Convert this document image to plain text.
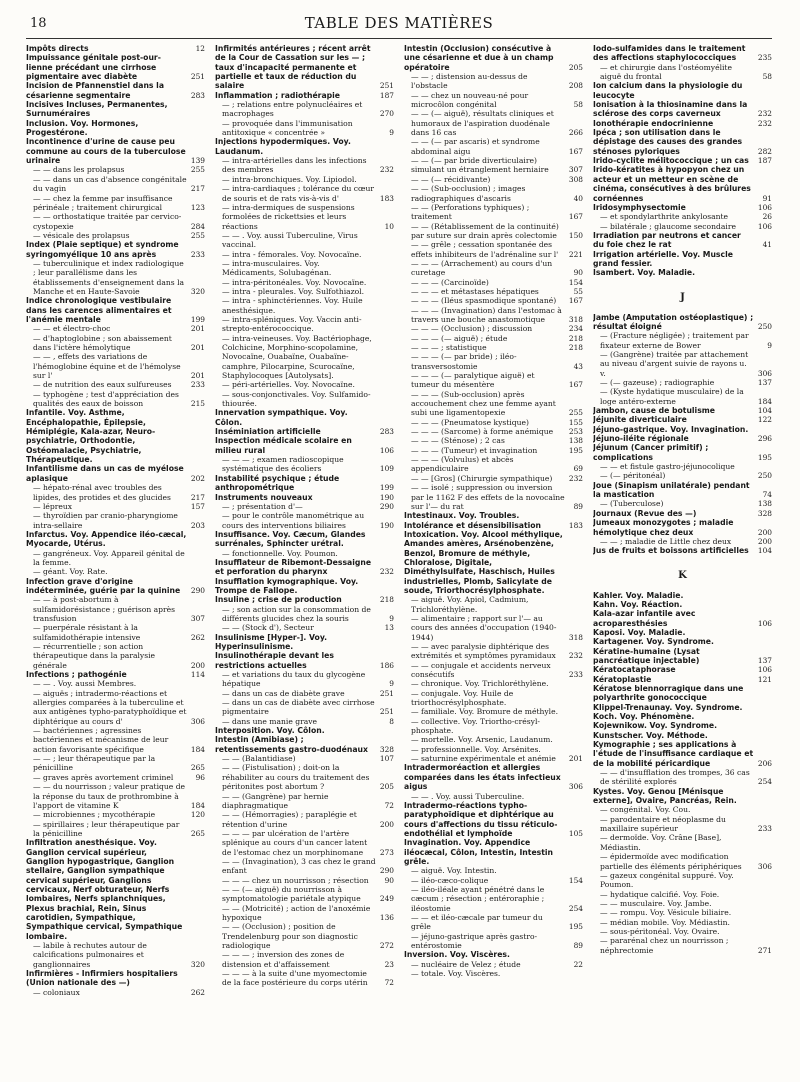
18	TABLE DES MATIÈRES
Impôts directs	12
Impuissance génitale post-our-lienne précédant une cirrhose pigmentaire avec diabète	251
Incision de Pfannenstiel dans la césarienne segmentaire	283
Incisives Incluses, Permanentes, Surnuméraires
Inclusion. Voy. Hormones, Progestérone.
Incontinence d'urine de cause peu commune au cours de la tuberculose urinaire	139
— — dans les prolapsus	255
— — dans un cas d'absence congénitale du vagin	217
— — chez la femme par insuffisance périnéale ; traitement chirurgical	123
— — orthostatique traitée par cervico-cystopexie	284
— vésicale des prolapsus	255
Index (Plaie septique) et syndrome syringomyélique 10 ans après	233
— tuberculinique et index radiologique ; leur parallélisme dans les établissements d'enseignement dans la Manche et en Haute-Savoie	320
Indice chronologique vestibulaire dans les carences alimentaires et l'anémie mentale	199
— — et électro-choc	201
— d'haptoglobine ; son abaissement dans l'ictère hémolytique	201
— — , effets des variations de l'hémoglobine équine et de l'hémolyse sur l'	201
— de nutrition des eaux sulfureuses	233
— typhogène ; test d'appréciation des qualités des eaux de boisson	215
Infantile. Voy. Asthme, Encéphalopathie, Épilepsie, Hémiplégie, Kala-azar, Neuro-psychiatrie, Orthodontie, Ostéomalacie, Psychiatrie, Thérapeutique.
Infantilisme dans un cas de myélose aplasique	202
— hépato-rénal avec troubles des lipides, des protides et des glucides	217
— lépreux	157
— thyroïdien par cranio-pharyngiome intra-sellaire	203
Infarctus. Voy. Appendice iléo-cæcal, Myocarde, Utérus.
— gangréneux. Voy. Appareil génital de la femme.
— géant. Voy. Rate.
Infection grave d'origine indéterminée, guérie par la quinine 290
— — à post-abortum à sulfamidorésistance ; guérison après transfusion	307
— puerpérale résistant à la sulfamidothérapie intensive	262
— récurrentielle ; son action thérapeutique dans la paralysie générale	200
Infections ; pathogénie	114
— — . Voy. aussi Membres.
— aiguës ; intradermo-réactions et allergies comparées à la tuberculine et aux antigènes typho-paratyphoïdique et diphtérique au cours d'	306
— bactériennes ; agressines bactériennes et mécanisme de leur action favorisante spécifique	184
— — ; leur thérapeutique par la pénicilline	265
— graves après avortement criminel	96
— — du nourrisson ; valeur pratique de la réponse du taux de prothrombine à l'apport de vitamine K	184
— microbiennes ; mycothérapie	120
— spirillaires ; leur thérapeutique par la pénicilline	265
Infiltration anesthésique. Voy. Ganglion cervical supérieur, Ganglion hypogastrique, Ganglion stellaire, Ganglion sympathique cervical supérieur, Ganglions cervicaux, Nerf obturateur, Nerfs lombaires, Nerfs splanchniques, Plexus brachial, Rein, Sinus carotidien, Sympathique, Sympathique cervical, Sympathique lombaire.
— labile à rechutes autour de calcifications pulmonaires et ganglionnaires	320
Infirmières - Infirmiers hospitaliers (Union nationale des —)
— coloniaux	262
Infirmités antérieures ; récent arrêt de la Cour de Cassation sur les — ; taux d'incapacité permanente et partielle et taux de réduction du salaire	251
Inflammation ; radiothérapie	187
— ; relations entre polynucléaires et macrophages	270
— provoquée dans l'immunisation antitoxique « concentrée »	9
Injections hypodermiques. Voy. Laudanum.
— intra-artérielles dans les infections des membres	232
— intra-bronchiques. Voy. Lipiodol.
— intra-cardiaques ; tolérance du cœur de souris et de rats vis-à-vis d'	183
— intra-dermiques de suspensions formolées de rickettsies et leurs réactions	10
— — . Voy. aussi Tuberculine, Virus vaccinal.
— intra - fémorales. Voy. Novocaïne.
— intra-musculaires. Voy. Médicaments, Solubagénan.
— intra-péritonéales. Voy. Novocaïne.
— intra - pleurales. Voy. Sulfothiazol.
— intra - sphinctériennes. Voy. Huile anesthésique.
— intra-spléniques. Voy. Vaccin anti-strepto-entérococcique.
— intra-veineuses. Voy. Bactériophage, Colchicine, Morphino-scopolamine, Novocaïne, Ouabaïne, Ouabaïne-camphre, Pilocarpine, Scurocaïne, Staphylocoques [Autolysats].
— péri-artérielles. Voy. Novocaïne.
— sous-conjonctivales. Voy. Sulfamido-thiourée.
Innervation sympathique. Voy. Côlon.
Inséminiation artificielle	283
Inspection médicale scolaire en milieu rural	106
— — — ; examen radioscopique systématique des écoliers	109
Instabilité psychique ; étude anthropométrique	199
Instruments nouveaux	190
— ; présentation d'—	290
— pour le contrôle manométrique au cours des interventions biliaires	190
Insuffisance. Voy. Cæcum, Glandes surrénales, Sphincter urétral.
— fonctionnelle. Voy. Poumon.
Insufflateur de Ribemont-Dessaigne et perforation du pharynx	232
Insufflation kymographique. Voy. Trompe de Fallope.
Insuline ; crise de production	218
— ; son action sur la consommation de différents glucides chez la souris	9
— — (Stock d'), Secteur	13
Insulinisme [Hyper-]. Voy. Hyperinsulinisme.
Insulinothérapie devant les restrictions actuelles	186
— et variations du taux du glycogène hépatique	9
— dans un cas de diabète grave	251
— dans un cas de diabète avec cirrhose pigmentaire	251
— dans une manie grave	8
Interposition. Voy. Côlon.
Intestin (Amibiase) ; retentissements gastro-duodénaux 328
— — (Balantidiase)	107
— — (Fistulisation) ; doit-on la réhabiliter au cours du traitement des péritonites post abortum ?	205
— — (Gangrène) par hernie diaphragmatique	72
— — (Hémorragies) ; paraplégie et rétention d'urine	200
— — — par ulcération de l'artère splénique au cours d'un cancer latent de l'estomac chez un morphinomane 273
— — (Invagination), 3 cas chez le grand enfant	290
— — — chez un nourrisson ; résection 90
— — (— aiguë) du nourrisson à symptomatologie pariétale atypique	249
— — (Motricité) ; action de l'anoxémie hypoxique	136
— — (Occlusion) ; position de Trendelenburg pour son diagnostic radiologique	272
— — — ; inversion des zones de distension et d'affaissement	23
— — — à la suite d'une myomectomie de la face postérieure du corps utérin 72
Intestin (Occlusion) consécutive à une césarienne et due à un champ opératoire	205
— — ; distension au-dessus de l'obstacle	208
— — chez un nouveau-né pour microcôlon congénital	58
— — (— aiguë), résultats cliniques et humoraux de l'aspiration duodénale dans 16 cas	266
— — (— par ascaris) et syndrome abdominal aigu	167
— — (— par bride diverticulaire) simulant un étranglement herniaire	307
— — (— récidivante)	308
— — (Sub-occlusion) ; images radiographiques d'ascaris	40
— — (Perforations typhiques) ; traitement	167
— — (Rétablissement de la continuité) par suture sur drain après colectomie 150
— — grêle ; cessation spontanée des effets inhibiteurs de l'adrénaline sur l' 221
— — — (Arrachement) au cours d'un curetage	90
— — — (Carcinoïde)	154
— — — et métastases hépatiques	55
— — — (Iléus spasmodique spontané) 167
— — — (Invagination) dans l'estomac à travers une bouche anastomotique	318
— — — (Occlusion) ; discussion	234
— — — (— aiguë) ; étude	218
— — — ; statistique	218
— — — (— par bride) ; iléo-transversostomie	43
— — — (— paralytique aiguë) et tumeur du mésentère	167
— — — (Sub-occlusion) après accouchement chez une femme ayant subi une ligamentopexie	255
— — — (Pneumatose kystique)	155
— — — (Sarcome) à forme anémique 253
— — — (Sténose) ; 2 cas	138
— — — (Tumeur) et invagination	195
— — — (Volvulus) et abcès appendiculaire	69
— — [Gros] (Chirurgie sympathique) 232
— — isolé ; suppression ou inversion par le 1162 F des effets de la novocaïne sur l'— du rat	89
Intestinaux. Voy. Troubles.
Intolérance et désensibilisation	183
Intoxication. Voy. Alcool méthylique, Amandes amères, Arsénobenzène, Benzol, Bromure de méthyle, Chloralose, Digitale, Diméthylsulfate, Haschisch, Huiles industrielles, Plomb, Salicylate de soude, Triorthocrésylphosphate.
— aiguë. Voy. Apiol, Cadmium, Trichloréthylène.
— alimentaire ; rapport sur l'— au cours des années d'occupation (1940-1944)	318
— — avec paralysie diphtérique des extrémités et symptômes pyramidaux 232
— — conjugale et accidents nerveux consécutifs	233
— chronique. Voy. Trichloréthylène.
— conjugale. Voy. Huile de triorthocrésylphosphate.
— familiale. Voy. Bromure de méthyle.
— collective. Voy. Triortho-crésyl-phosphate.
— mortelle. Voy. Arsenic, Laudanum.
— professionnelle. Voy. Arsénites.
— saturnine expérimentale et anémie 201
Intradermoréaction et allergies comparées dans les états infectieux aigus	306
— — . Voy. aussi Tuberculine.
Intradermo-réactions typho-paratyphoïdique et diphtérique au cours d'affections du tissu réticulo-endothélial et lymphoïde	105
Invagination. Voy. Appendice iléocæcal, Côlon, Intestin, Intestin grêle.
— aiguë. Voy. Intestin.
— iléo-cæco-colique	154
— iléo-iléale ayant pénétré dans le cæcum ; résection ; entéroraphie ; iléostomie	254
— — et iléo-cæcale par tumeur du grêle	195
— jéjuno-gastrique après gastro-entérostomie	89
Inversion. Voy. Viscères.
— nucléaire de Velez ; étude	22
— totale. Voy. Viscères.
Iodo-sulfamides dans le traitement des affections staphylococciques	235
— et chirurgie dans l'ostéomyélite aiguë du frontal	58
Ion calcium dans la physiologie du leucocyte
Ionisation à la thiosinamine dans la sclérose des corps caverneux	232
Ionothérapie endocrinienne	232
Ipéca ; son utilisation dans le dépistage des causes des grandes sténoses pyloriques	282
Irido-cyclite mélitococcique ; un cas 187
Irido-kératites à hypopyon chez un acteur et un metteur en scène de cinéma, consécutives à des brûlures cornéennes	91
Iridosymphysectomie	106
— et spondylarthrite ankylosante	26
— bilatérale ; glaucome secondaire	106
Irradiation par neutrons et cancer du foie chez le rat	41
Irrigation artérielle. Voy. Muscle grand fessier.
Isambert. Voy. Maladie.
J
Jambe (Amputation ostéoplastique) ; résultat éloigné	250
— (Fracture négligée) ; traitement par fixateur externe de Bower	9
— (Gangrène) traitée par attachement au niveau d'argent suivie de rayons u. v.	306
— (— gazeuse) ; radiographie	137
— (Kyste hydatique musculaire) de la loge antéro-externe	184
Jambon, cause de botulisme	104
Jéjunite diverticulaire	122
Jéjuno-gastrique. Voy. Invagination.
Jéjuno-iléite régionale	296
Jéjunum (Cancer primitif) ; complications	195
— — et fistule gastro-jéjunocolique
— (— péritonéal)	250
Joue (Sinapism unilatérale) pendant la mastication	74
— (Tuberculose)	138
Journaux (Revue des —)	328
Jumeaux monozygotes ; maladie hémolytique chez deux	200
— — ; maladie de Little chez deux	200
Jus de fruits et boissons artificielles 104
K
Kahler. Voy. Maladie.
Kahn. Voy. Réaction.
Kala-azar infantile avec acroparesthésies	106
Kaposi. Voy. Maladie.
Kartagener. Voy. Syndrome.
Kératine-humaine (Lysat pancréatique injectable)	137
Kératocataphorase	106
Kératoplastie	121
Kératose blennorragique dans une polyarthrite gonococcique
Klippel-Trenaunay. Voy. Syndrome.
Koch. Voy. Phénomène.
Kojewnikow. Voy. Syndrome.
Kunstscher. Voy. Méthode.
Kymographie ; ses applications à l'étude de l'insuffisance cardiaque et de la mobilité péricardique	206
— — d'insufflation des trompes, 36 cas de stérilité explorés	254
Kystes. Voy. Genou [Ménisque externe], Ovaire, Pancréas, Rein.
— congénital. Voy. Cou.
— parodentaire et néoplasme du maxillaire supérieur	233
— dermoïde. Voy. Crâne [Base], Médiastin.
— épidermoïde avec modification partielle des éléments périphériques 306
— gazeux congénital suppuré. Voy. Poumon.
— hydatique calcifié. Voy. Foie.
— — musculaire. Voy. Jambe.
— — rompu. Voy. Vésicule biliaire.
— médian mobile. Voy. Médiastin.
— sous-péritonéal. Voy. Ovaire.
— pararénal chez un nourrisson ; néphrectomie	271
